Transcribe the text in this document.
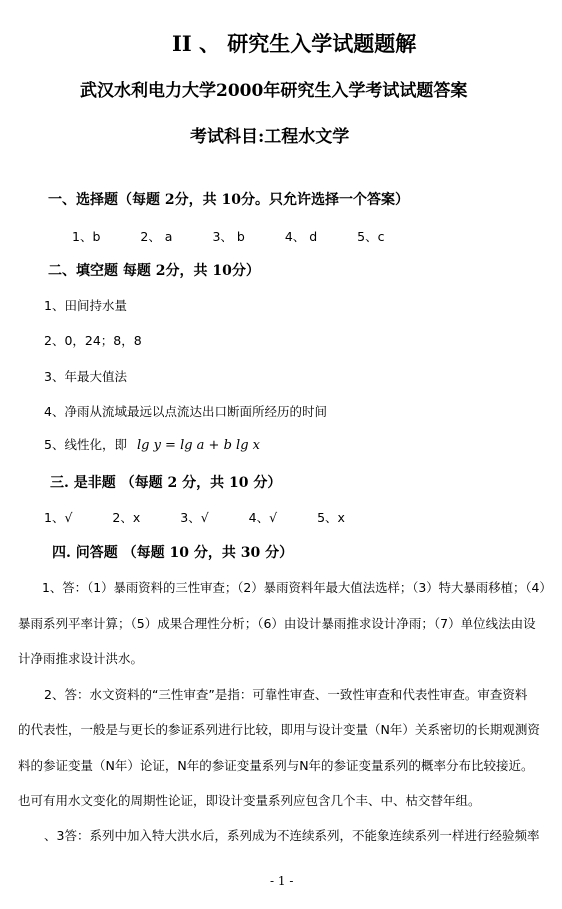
II 、 研究生入学试题题解
武汉水利电力大学2000年研究生入学考试试题答案
考试科目:工程水文学
一、选择题（每题 2分，共 10分。只允许选择一个答案）
1、b	2、 a	3、 b	4、 d	5、c
二、填空题 每题 2分，共 10分）
1、田间持水量
2、0，24；8，8
3、年最大值法
4、净雨从流域最远以点流达出口断面所经历的时间
5、线性化，即 lg y = lg a + b lg x
三. 是非题 （每题 2 分，共 10 分）
1、√	2、x	3、√	4、√	5、x
四. 问答题 （每题 10 分，共 30 分）
1、答：（1）暴雨资料的三性审查；（2）暴雨资料年最大值法选样；（3）特大暴雨移植；（4）
暴雨系列平率计算；（5）成果合理性分析；（6）由设计暴雨推求设计净雨；（7）单位线法由设
计净雨推求设计洪水。
2、答：水文资料的“三性审查”是指：可靠性审查、一致性审查和代表性审查。审查资料
的代表性，一般是与更长的参证系列进行比较，即用与设计变量（N年）关系密切的长期观测资
料的参证变量（N年）论证，N年的参证变量系列与N年的参证变量系列的概率分布比较接近。
也可有用水文变化的周期性论证，即设计变量系列应包含几个丰、中、枯交替年组。
、3答：系列中加入特大洪水后，系列成为不连续系列，不能象连续系列一样进行经验频率
- 1 -
